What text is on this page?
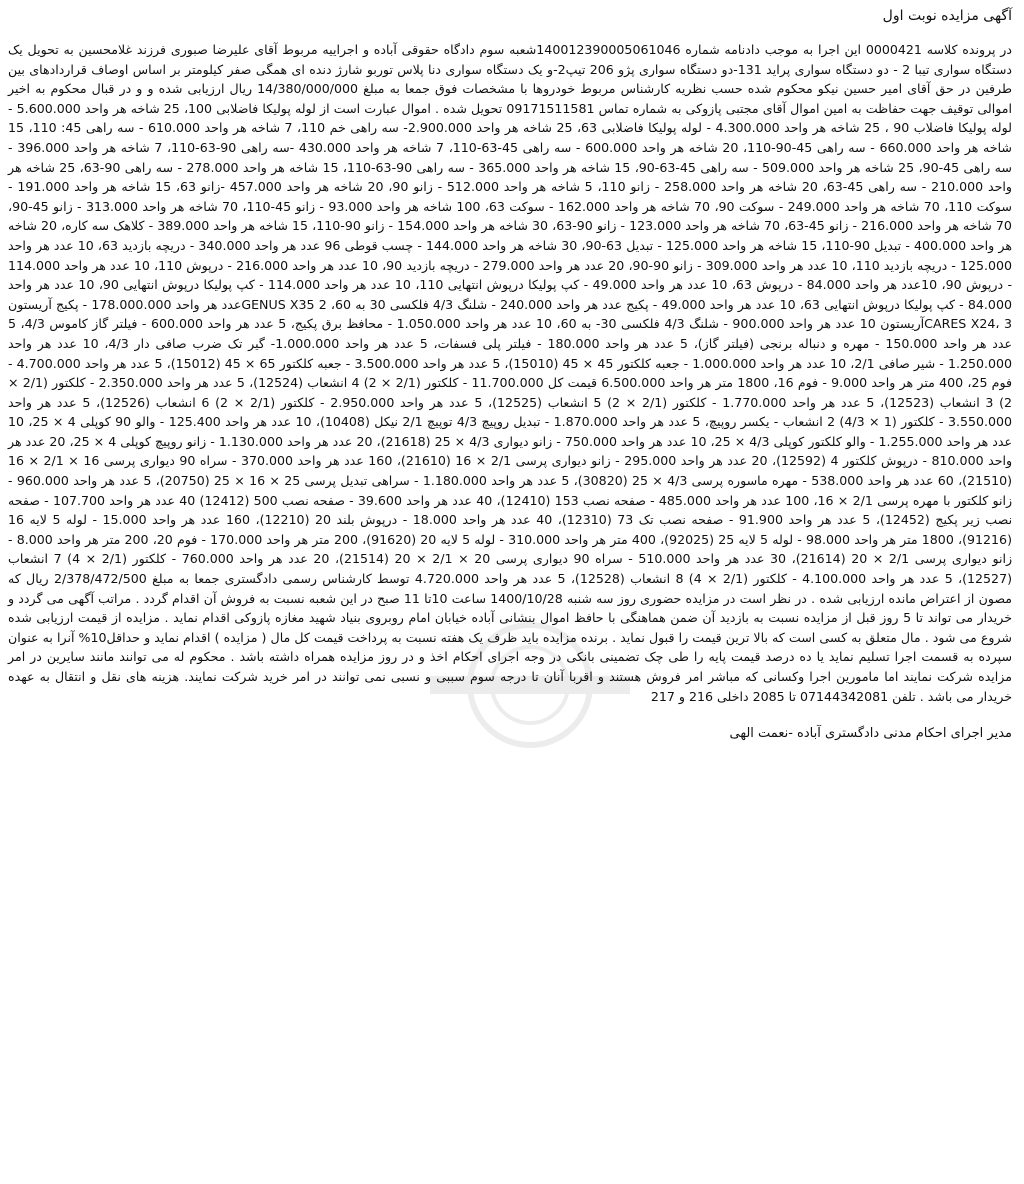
آگهی مزایده نوبت اول
در پرونده کلاسه 0000421 این اجرا به موجب دادنامه شماره 140012390005061046شعبه سوم دادگاه حقوقی آباده و اجراییه مربوط آقای علیرضا صبوری فرزند غلامحسین به تحویل یک دستگاه سواری تیبا 2 - دو دستگاه سواری پراید 131-دو دستگاه سواری پژو 206 تیپ2-و یک دستگاه سواری دنا پلاس توربو شارژ دنده ای همگی صفر کیلومتر بر اساس اوصاف قراردادهای بین طرفین در حق آقای امیر حسین نیکو محکوم شده حسب نظریه کارشناس مربوط خودروها با مشخصات فوق جمعا به مبلغ 14/380/000/000 ریال ارزیابی شده و و در قبال محکوم به اخیر اموالی توقیف جهت حفاظت به امین اموال آقای مجتبی پازوکی به شماره تماس 09171511581 تحویل شده . اموال عبارت است از لوله پولیکا فاضلابی 100، 25 شاخه هر واحد 5.600.000 - لوله پولیکا فاضلاب 90 ، 25 شاخه هر واحد 4.300.000 - لوله پولیکا فاضلابی 63، 25 شاخه هر واحد 2.900.000- سه راهی خم 110، 7 شاخه هر واحد 610.000 - سه راهی 45: 110، 15 شاخه هر واحد 660.000 - سه راهی 45-90-110، 20 شاخه هر واحد 600.000 - سه راهی 45-63-110، 7 شاخه هر واحد 430.000 -سه راهی 90-63-110، 7 شاخه هر واحد 396.000 - سه راهی 45-90، 25 شاخه هر واحد 509.000 - سه راهی 45-63-90، 15 شاخه هر واحد 365.000 - سه راهی 90-63-110، 15 شاخه هر واحد 278.000 - سه راهی 90-63، 25 شاخه هر واحد 210.000 - سه راهی 45-63، 20 شاخه هر واحد 258.000 - زانو 110، 5 شاخه هر واحد 512.000 - زانو 90، 20 شاخه هر واحد 457.000 -زانو 63، 15 شاخه هر واحد 191.000 - سوکت 110، 70 شاخه هر واحد 249.000 - سوکت 90، 70 شاخه هر واحد 162.000 - سوکت 63، 100 شاخه هر واحد 93.000 - زانو 45-110، 70 شاخه هر واحد 313.000 - زانو 45-90، 70 شاخه هر واحد 216.000 - زانو 45-63، 70 شاخه هر واحد 123.000 - زانو 90-63، 30 شاخه هر واحد 154.000 - زانو 90-110، 15 شاخه هر واحد 389.000 - کلاهک سه کاره، 20 شاخه هر واحد 400.000 - تبدیل 90-110، 15 شاخه هر واحد 125.000 - تبدیل 63-90، 30 شاخه هر واحد 144.000 - چسب قوطی 96 عدد هر واحد 340.000 - دریچه بازدید 63، 10 عدد هر واحد 125.000 - دریچه بازدید 110، 10 عدد هر واحد 309.000 - زانو 90-90، 20 عدد هر واحد 279.000 - دریچه بازدید 90، 10 عدد هر واحد 216.000 - درپوش 110، 10 عدد هر واحد 114.000 - درپوش 90، 10عدد هر واحد 84.000 - درپوش 63، 10 عدد هر واحد 49.000 - کپ پولیکا درپوش انتهایی 110، 10 عدد هر واحد 114.000 - کپ پولیکا درپوش انتهایی 90، 10 عدد هر واحد 84.000 - کپ پولیکا درپوش انتهایی 63، 10 عدد هر واحد 49.000 - پکیج عدد هر واحد 240.000 - شلنگ 4/3 فلکسی 30 به 60، 2 GENUS X35عدد هر واحد 178.000.000 - پکیج آریستون 3 ،CARES X24آریستون 10 عدد هر واحد 900.000 - شلنگ 4/3 فلکسی 30- به 60، 10 عدد هر واحد 1.050.000 - محافظ برق پکیج، 5 عدد هر واحد 600.000 - فیلتر گاز کاموس 4/3، 5 عدد هر واحد 150.000 - مهره و دنباله برنجی (فیلتر گاز)، 5 عدد هر واحد 180.000 - فیلتر پلی فسفات، 5 عدد هر واحد 1.000.000- گیر تک ضرب صافی دار 4/3، 10 عدد هر واحد 1.250.000 - شیر صافی 2/1، 10 عدد هر واحد 1.000.000 - جعبه کلکتور 45 × 45 (15010)، 5 عدد هر واحد 3.500.000 - جعبه کلکتور 65 × 45 (15012)، 5 عدد هر واحد 4.700.000 - فوم 25، 400 متر هر واحد 9.000 - فوم 16، 1800 متر هر واحد 6.500.000 قیمت کل 11.700.000 - کلکتور (2/1 × 2) 4 انشعاب (12524)، 5 عدد هر واحد 2.350.000 - کلکتور (2/1 × 2) 3 انشعاب (12523)، 5 عدد هر واحد 1.770.000 - کلکتور (2/1 × 2) 5 انشعاب (12525)، 5 عدد هر واحد 2.950.000 - کلکتور (2/1 × 2) 6 انشعاب (12526)، 5 عدد هر واحد 3.550.000 - کلکتور (1 × 4/3) 2 انشعاب - یکسر روپیچ، 5 عدد هر واحد 1.870.000 - تبدیل روپیچ 4/3 توپیچ 2/1 نیکل (10408)، 10 عدد هر واحد 125.400 - والو 90 کوپلی 4 × 25، 10 عدد هر واحد 1.255.000 - والو کلکتور کوپلی 4/3 × 25، 10 عدد هر واحد 750.000 - زانو دیواری 4/3 × 25 (21618)، 20 عدد هر واحد 1.130.000 - زانو روپیچ کوپلی 4 × 25، 20 عدد هر واحد 810.000 - درپوش کلکتور 4 (12592)، 20 عدد هر واحد 295.000 - زانو دیواری پرسی 2/1 × 16 (21610)، 160 عدد هر واحد 370.000 - سراه 90 دیواری پرسی 16 × 2/1 × 16 (21510)، 60 عدد هر واحد 538.000 - مهره ماسوره پرسی 4/3 × 25 (30820)، 5 عدد هر واحد 1.180.000 - سراهی تبدیل پرسی 25 × 16 × 25 (20750)، 5 عدد هر واحد 960.000 - زانو کلکتور با مهره پرسی 2/1 × 16، 100 عدد هر واحد 485.000 - صفحه نصب 153 (12410)، 40 عدد هر واحد 39.600 - صفحه نصب 500 (12412) 40 عدد هر واحد 107.700 - صفحه نصب زیر پکیج (12452)، 5 عدد هر واحد 91.900 - صفحه نصب تک 73 (12310)، 40 عدد هر واحد 18.000 - درپوش بلند 20 (12210)، 160 عدد هر واحد 15.000 - لوله 5 لایه 16 (91216)، 1800 متر هر واحد 98.000 - لوله 5 لایه 25 (92025)، 400 متر هر واحد 310.000 - لوله 5 لایه 20 (91620)، 200 متر هر واحد 170.000 - فوم 20، 200 متر هر واحد 8.000 - زانو دیواری پرسی 2/1 × 20 (21614)، 30 عدد هر واحد 510.000 - سراه 90 دیواری پرسی 20 × 2/1 × 20 (21514)، 20 عدد هر واحد 760.000 - کلکتور (2/1 × 4) 7 انشعاب (12527)، 5 عدد هر واحد 4.100.000 - کلکتور (2/1 × 4) 8 انشعاب (12528)، 5 عدد هر واحد 4.720.000 توسط کارشناس رسمی دادگستری جمعا به مبلغ 2/378/472/500 ریال که مصون از اعتراض مانده ارزیابی شده . در نظر است در مزایده حضوری روز سه شنبه 1400/10/28 ساعت 10تا 11 صبح در این شعبه نسبت به فروش آن اقدام گردد . مراتب آگهی می گردد و خریدار می تواند تا 5 روز قبل از مزایده نسبت به بازدید آن ضمن هماهنگی با حافظ اموال بنشانی آباده خیابان امام روبروی بنیاد شهید مغازه پازوکی اقدام نماید . مزایده از قیمت ارزیابی شده شروع می شود . مال متعلق به کسی است که بالا ترین قیمت را قبول نماید . برنده مزایده باید ظرف یک هفته نسبت به پرداخت قیمت کل مال ( مزایده ) اقدام نماید و حداقل10% آنرا به عنوان سپرده به قسمت اجرا تسلیم نماید یا ده درصد قیمت پایه را طی چک تضمینی بانکی در وجه اجرای احکام اخذ و در روز مزایده همراه داشته باشد . محکوم له می توانند مانند سایرین در امر مزایده شرکت نمایند اما مامورین اجرا وکسانی که مباشر امر فروش هستند و اقربا آنان تا درجه سوم سببی و نسبی نمی توانند در امر خرید شرکت نمایند. هزینه های نقل و انتقال به عهده خریدار می باشد . تلفن 07144342081 تا 2085 داخلی 216 و 217
مدیر اجرای احکام مدنی دادگستری آباده -نعمت الهی
